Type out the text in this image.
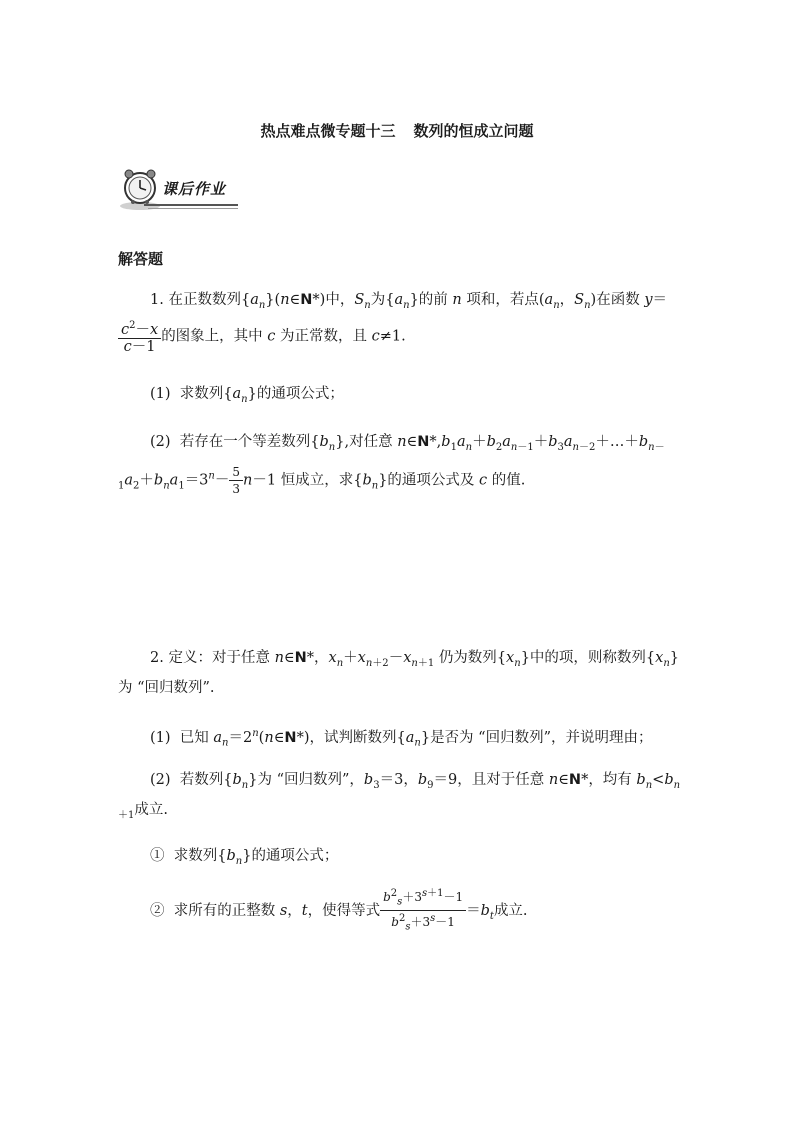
热点难点微专题十三 数列的恒成立问题
课后作业
解答题
1. 在正数数列$\{a_n\}(n\in N*)$中，$S_n$为$\{a_n\}$的前 n 项和，若点($a_n$，$S_n$)在函数 y＝
$\frac{c^2-x}{c-1}$ 的图象上，其中 c 为正常数，且 c≠1.
(1) 求数列$\{a_n\}$的通项公式；
(2) 若存在一个等差数列$\{b_n\}$,对任意 $n\in N*,b_1a_n+b_2a_{n-1}+b_3a_{n-2}+\dots+b_{n-}$
$_1a_2+b_na_1=3^n- \frac{5}{3} n-1$ 恒成立，求$\{b_n\}$的通项公式及 c 的值.
2. 定义：对于任意 n∈N*，$x_n+x_{n+2}-x_{n+1}$ 仍为数列$\{x_n\}$中的项，则称数列$\{x_n\}$
为 “回归数列”.
(1) 已知 $a_n=2^n(n\in N*)$，试判断数列$\{a_n\}$是否为 “回归数列”，并说明理由；
(2) 若数列$\{b_n\}$为 “回归数列”，$b_3=3$，$b_9=9$，且对于任意 n∈N*，均有 $b_n<b_n$
$_{+1}$成立.
① 求数列$\{b_n\}$的通项公式；
② 求所有的正整数 s，t，使得等式 $\frac{b^2_s+3^{s+1}-1}{b^2_s+3^s-1} =b_t$成立.
